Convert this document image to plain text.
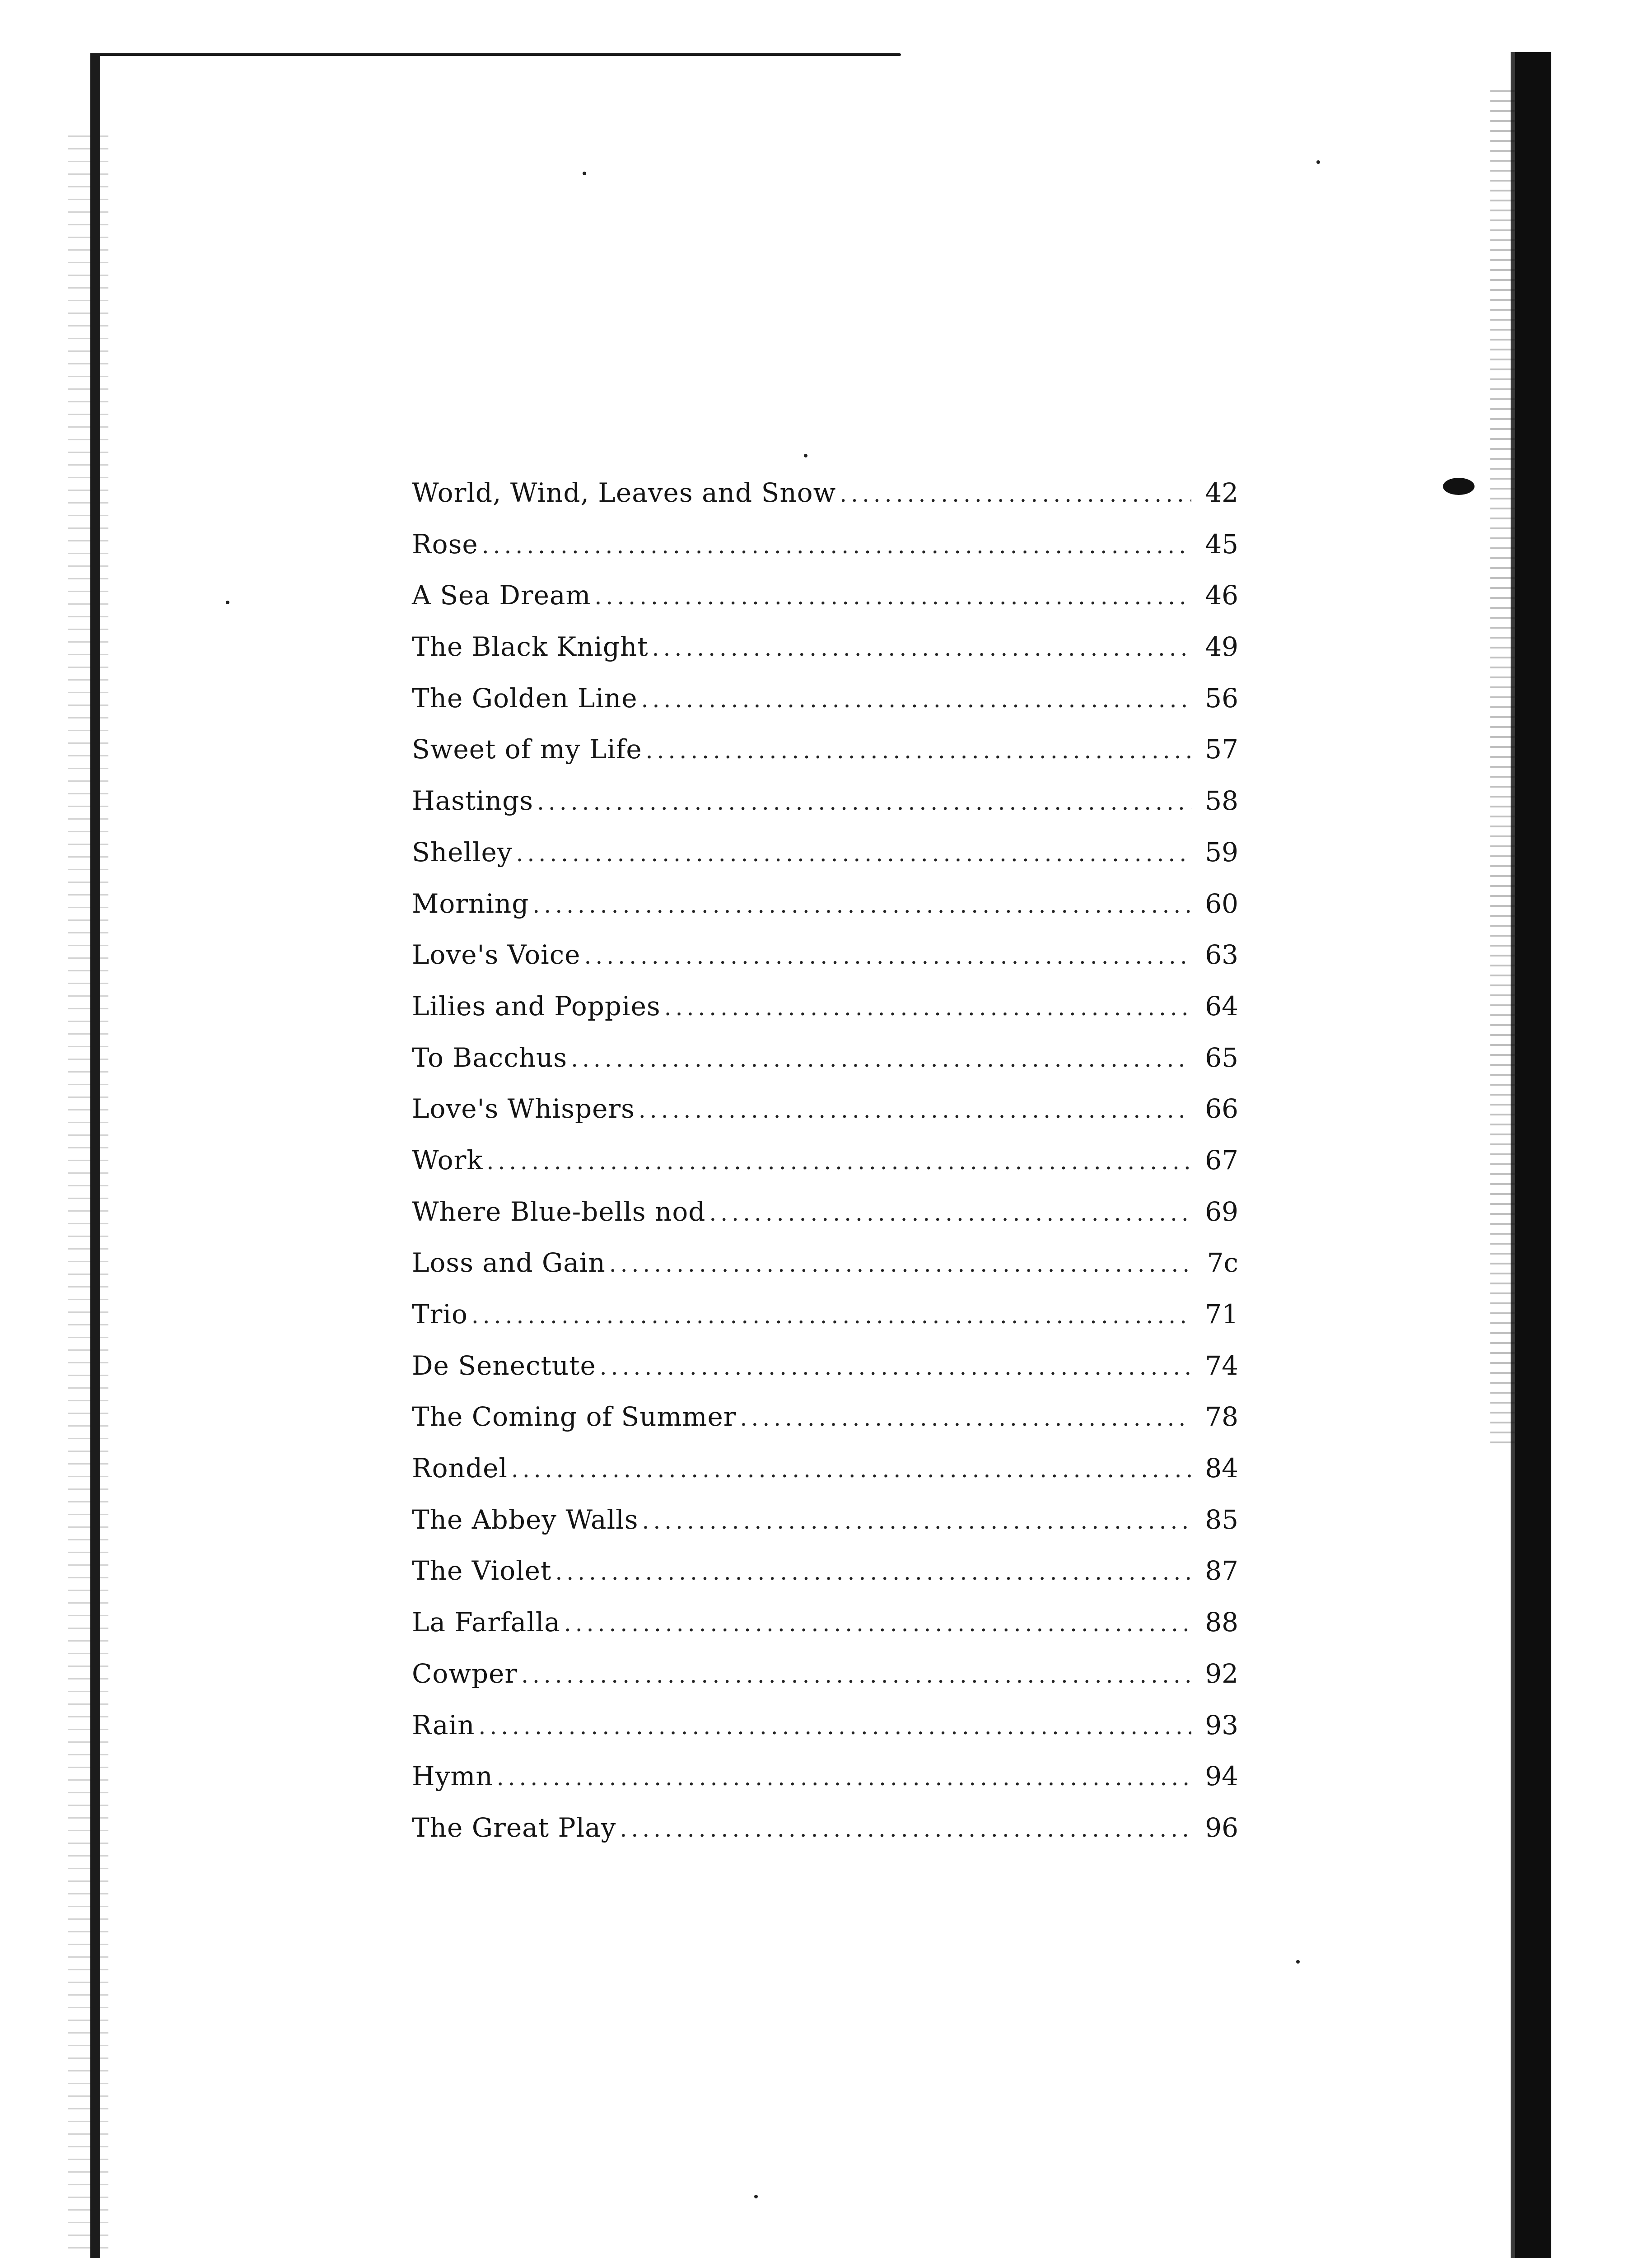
World, Wind, Leaves and Snow .....	42
Rose .....	45
A Sea Dream .....	46
The Black Knight .....	49
The Golden Line .....	56
Sweet of my Life .....	57
Hastings .....	58
Shelley .....	59
Morning .....	60
Love's Voice .....	63
Lilies and Poppies .....	64
To Bacchus .....	65
Love's Whispers .....	66
Work .....	67
Where Blue-bells nod .....	69
Loss and Gain .....	7c
Trio .....	71
De Senectute .....	74
The Coming of Summer .....	78
Rondel .....	84
The Abbey Walls .....	85
The Violet .....	87
La Farfalla .....	88
Cowper .....	92
Rain .....	93
Hymn .....	94
The Great Play .....	96
